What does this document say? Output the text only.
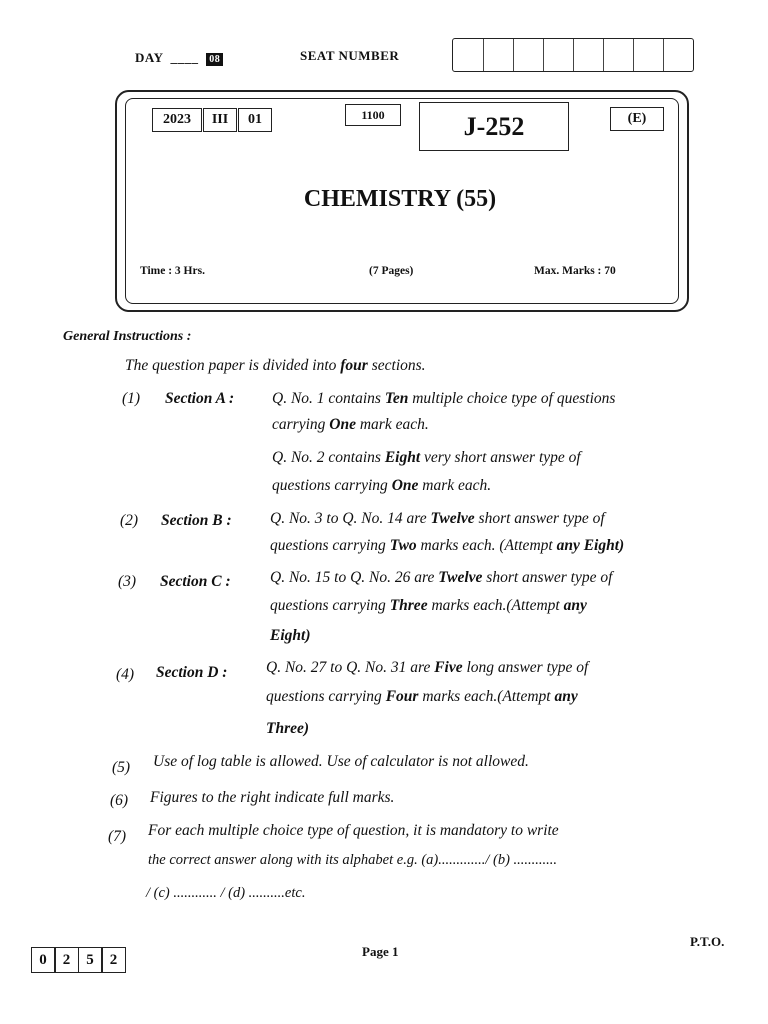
DAY  ____ 08	SEAT NUMBER
2023	III	01	1100	J-252	(E)
CHEMISTRY (55)
Time : 3 Hrs.	(7 Pages)	Max. Marks : 70
General Instructions :
The question paper is divided into four sections.
(1) Section A : Q. No. 1 contains Ten multiple choice type of questions
carrying One mark each.
Q. No. 2 contains Eight very short answer type of
questions carrying One mark each.
(2) Section B : Q. No. 3 to Q. No. 14 are Twelve short answer type of
questions carrying Two marks each. (Attempt any Eight)
(3) Section C :	Q. No. 15 to Q. No. 26 are Twelve short answer type of
questions carrying Three marks each.(Attempt any
Eight)
(4) Section D : Q. No. 27 to Q. No. 31 are Five long answer type of
questions carrying Four marks each.(Attempt any
Three)
(5) Use of log table is allowed. Use of calculator is not allowed.
(6) Figures to the right indicate full marks.
(7) For each multiple choice type of question, it is mandatory to write
the correct answer along with its alphabet e.g. (a)............./ (b) ............
/ (c) ............ / (d) ..........etc.
0	2	5	2
Page 1
P.T.O.
